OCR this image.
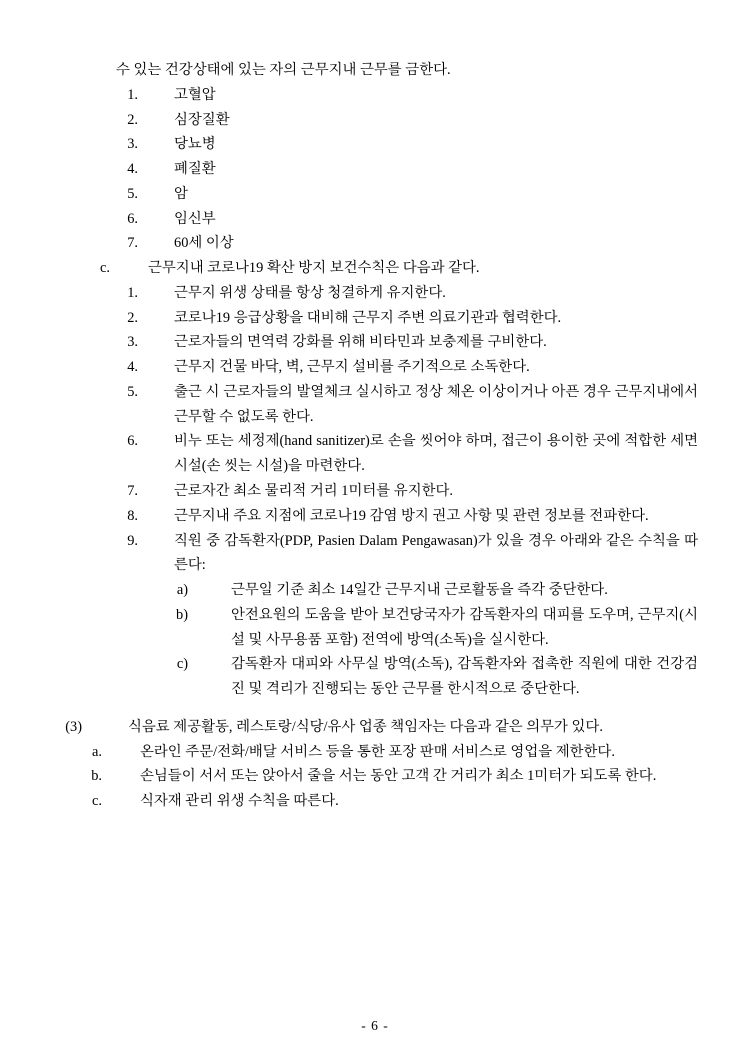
수 있는 건강상태에 있는 자의 근무지내 근무를 금한다.
1.	고혈압
2.	심장질환
3.	당뇨병
4.	폐질환
5.	암
6.	임신부
7.	60세 이상
c.	근무지내 코로나19 확산 방지 보건수칙은 다음과 같다.
1.	근무지 위생 상태를 항상 청결하게 유지한다.
2.	코로나19 응급상황을 대비해 근무지 주변 의료기관과 협력한다.
3.	근로자들의 면역력 강화를 위해 비타민과 보충제를 구비한다.
4.	근무지 건물 바닥, 벽, 근무지 설비를 주기적으로 소독한다.
5.	출근 시 근로자들의 발열체크 실시하고 정상 체온 이상이거나 아픈 경우 근무지내에서 근무할 수 없도록 한다.
6.	비누 또는 세정제(hand sanitizer)로 손을 씻어야 하며, 접근이 용이한 곳에 적합한 세면시설(손 씻는 시설)을 마련한다.
7.	근로자간 최소 물리적 거리 1미터를 유지한다.
8.	근무지내 주요 지점에 코로나19 감염 방지 권고 사항 및 관련 정보를 전파한다.
9.	직원 중 감독환자(PDP, Pasien Dalam Pengawasan)가 있을 경우 아래와 같은 수칙을 따른다:
a)	근무일 기준 최소 14일간 근무지내 근로활동을 즉각 중단한다.
b)	안전요원의 도움을 받아 보건당국자가 감독환자의 대피를 도우며, 근무지(시설 및 사무용품 포함) 전역에 방역(소독)을 실시한다.
c)	감독환자 대피와 사무실 방역(소독), 감독환자와 접촉한 직원에 대한 건강검진 및 격리가 진행되는 동안 근무를 한시적으로 중단한다.
(3)	식음료 제공활동, 레스토랑/식당/유사 업종 책임자는 다음과 같은 의무가 있다.
a.	온라인 주문/전화/배달 서비스 등을 통한 포장 판매 서비스로 영업을 제한한다.
b.	손님들이 서서 또는 앉아서 줄을 서는 동안 고객 간 거리가 최소 1미터가 되도록 한다.
c.	식자재 관리 위생 수칙을 따른다.
- 6 -
